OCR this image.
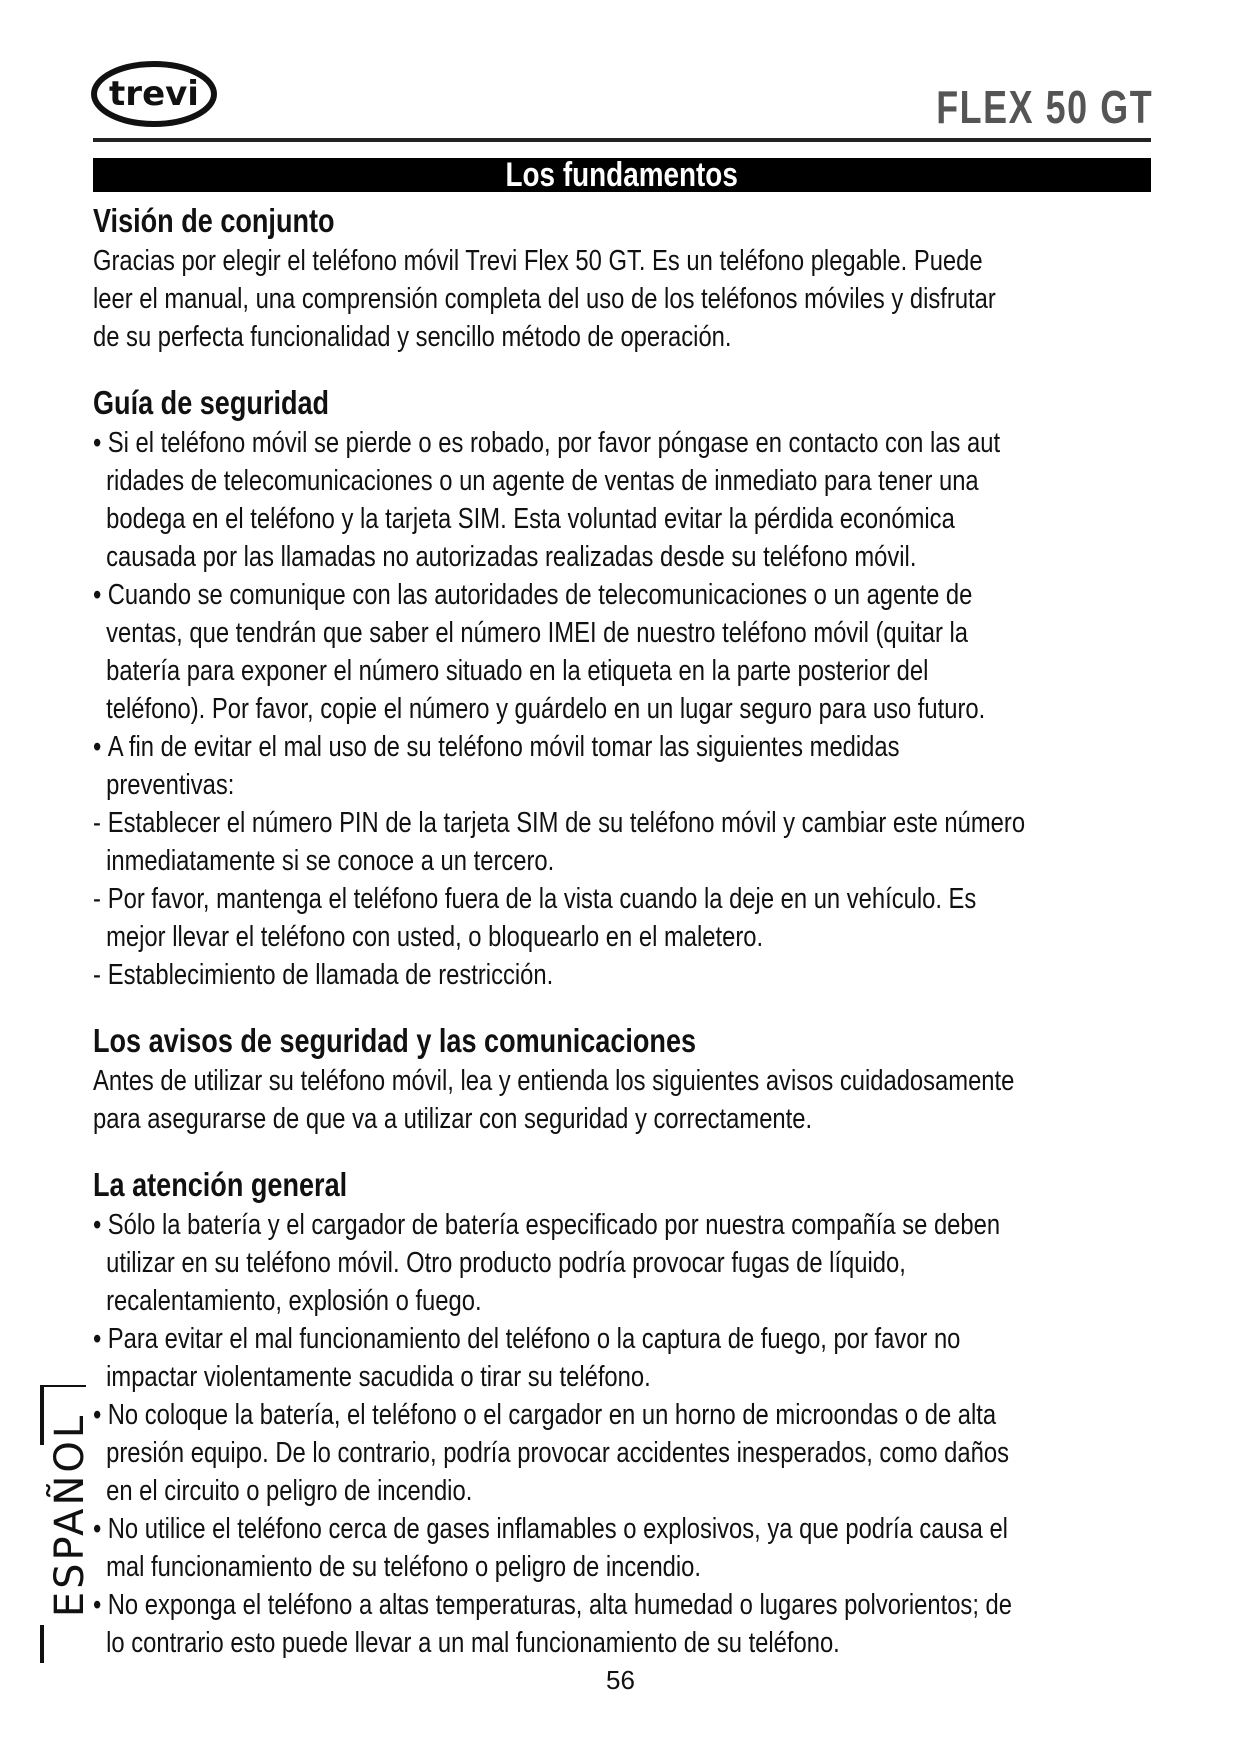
trevi	FLEX 50 GT
Los fundamentos
Visión de conjunto

Gracias por elegir el teléfono móvil Trevi Flex 50 GT. Es un teléfono plegable. Puede leer el manual, una comprensión completa del uso de los teléfonos móviles y disfrutar de su perfecta funcionalidad y sencillo método de operación.

Guía de seguridad
• Si el teléfono móvil se pierde o es robado, por favor póngase en contacto con las aut ridades de telecomunicaciones o un agente de ventas de inmediato para tener una bodega en el teléfono y la tarjeta SIM. Esta voluntad evitar la pérdida económica causada por las llamadas no autorizadas realizadas desde su teléfono móvil.
• Cuando se comunique con las autoridades de telecomunicaciones o un agente de ventas, que tendrán que saber el número IMEI de nuestro teléfono móvil (quitar la batería para exponer el número situado en la etiqueta en la parte posterior del teléfono). Por favor, copie el número y guárdelo en un lugar seguro para uso futuro.
• A fin de evitar el mal uso de su teléfono móvil tomar las siguientes medidas preventivas:
- Establecer el número PIN de la tarjeta SIM de su teléfono móvil y cambiar este número inmediatamente si se conoce a un tercero.
- Por favor, mantenga el teléfono fuera de la vista cuando la deje en un vehículo. Es mejor llevar el teléfono con usted, o bloquearlo en el maletero.
- Establecimiento de llamada de restricción.
Los avisos de seguridad y las comunicaciones

Antes de utilizar su teléfono móvil, lea y entienda los siguientes avisos cuidadosamente para asegurarse de que va a utilizar con seguridad y correctamente.

La atención general
• Sólo la batería y el cargador de batería especificado por nuestra compañía se deben utilizar en su teléfono móvil. Otro producto podría provocar fugas de líquido, recalentamiento, explosión o fuego.
• Para evitar el mal funcionamiento del teléfono o la captura de fuego, por favor no impactar violentamente sacudida o tirar su teléfono.
• No coloque la batería, el teléfono o el cargador en un horno de microondas o de alta presión equipo. De lo contrario, podría provocar accidentes inesperados, como daños en el circuito o peligro de incendio.
• No utilice el teléfono cerca de gases inflamables o explosivos, ya que podría causa el mal funcionamiento de su teléfono o peligro de incendio.
• No exponga el teléfono a altas temperaturas, alta humedad o lugares polvorientos; de lo contrario esto puede llevar a un mal funcionamiento de su teléfono.
ESPAÑOL
56
